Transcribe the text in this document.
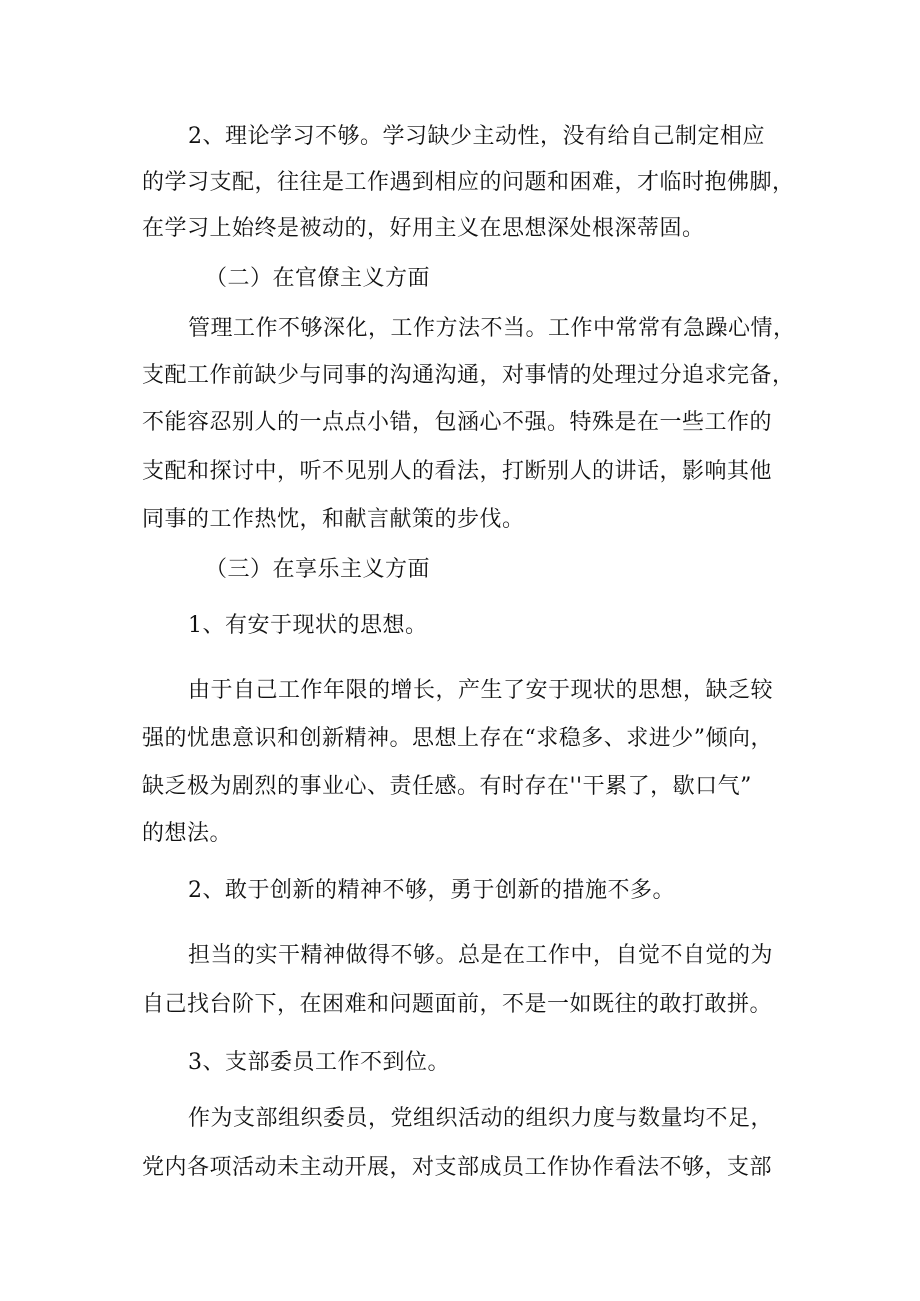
2、理论学习不够。学习缺少主动性，没有给自己制定相应
的学习支配，往往是工作遇到相应的问题和困难，才临时抱佛脚，
在学习上始终是被动的，好用主义在思想深处根深蒂固。
（二）在官僚主义方面
管理工作不够深化，工作方法不当。工作中常常有急躁心情，
支配工作前缺少与同事的沟通沟通，对事情的处理过分追求完备，
不能容忍别人的一点点小错，包涵心不强。特殊是在一些工作的
支配和探讨中，听不见别人的看法，打断别人的讲话，影响其他
同事的工作热忱，和献言献策的步伐。
（三）在享乐主义方面
1、有安于现状的思想。
由于自己工作年限的增长，产生了安于现状的思想，缺乏较
强的忧患意识和创新精神。思想上存在“求稳多、求进少”倾向，
缺乏极为剧烈的事业心、责任感。有时存在''干累了，歇口气”
的想法。
2、敢于创新的精神不够，勇于创新的措施不多。
担当的实干精神做得不够。总是在工作中，自觉不自觉的为
自己找台阶下，在困难和问题面前，不是一如既往的敢打敢拼。
3、支部委员工作不到位。
作为支部组织委员，党组织活动的组织力度与数量均不足，
党内各项活动未主动开展，对支部成员工作协作看法不够，支部
